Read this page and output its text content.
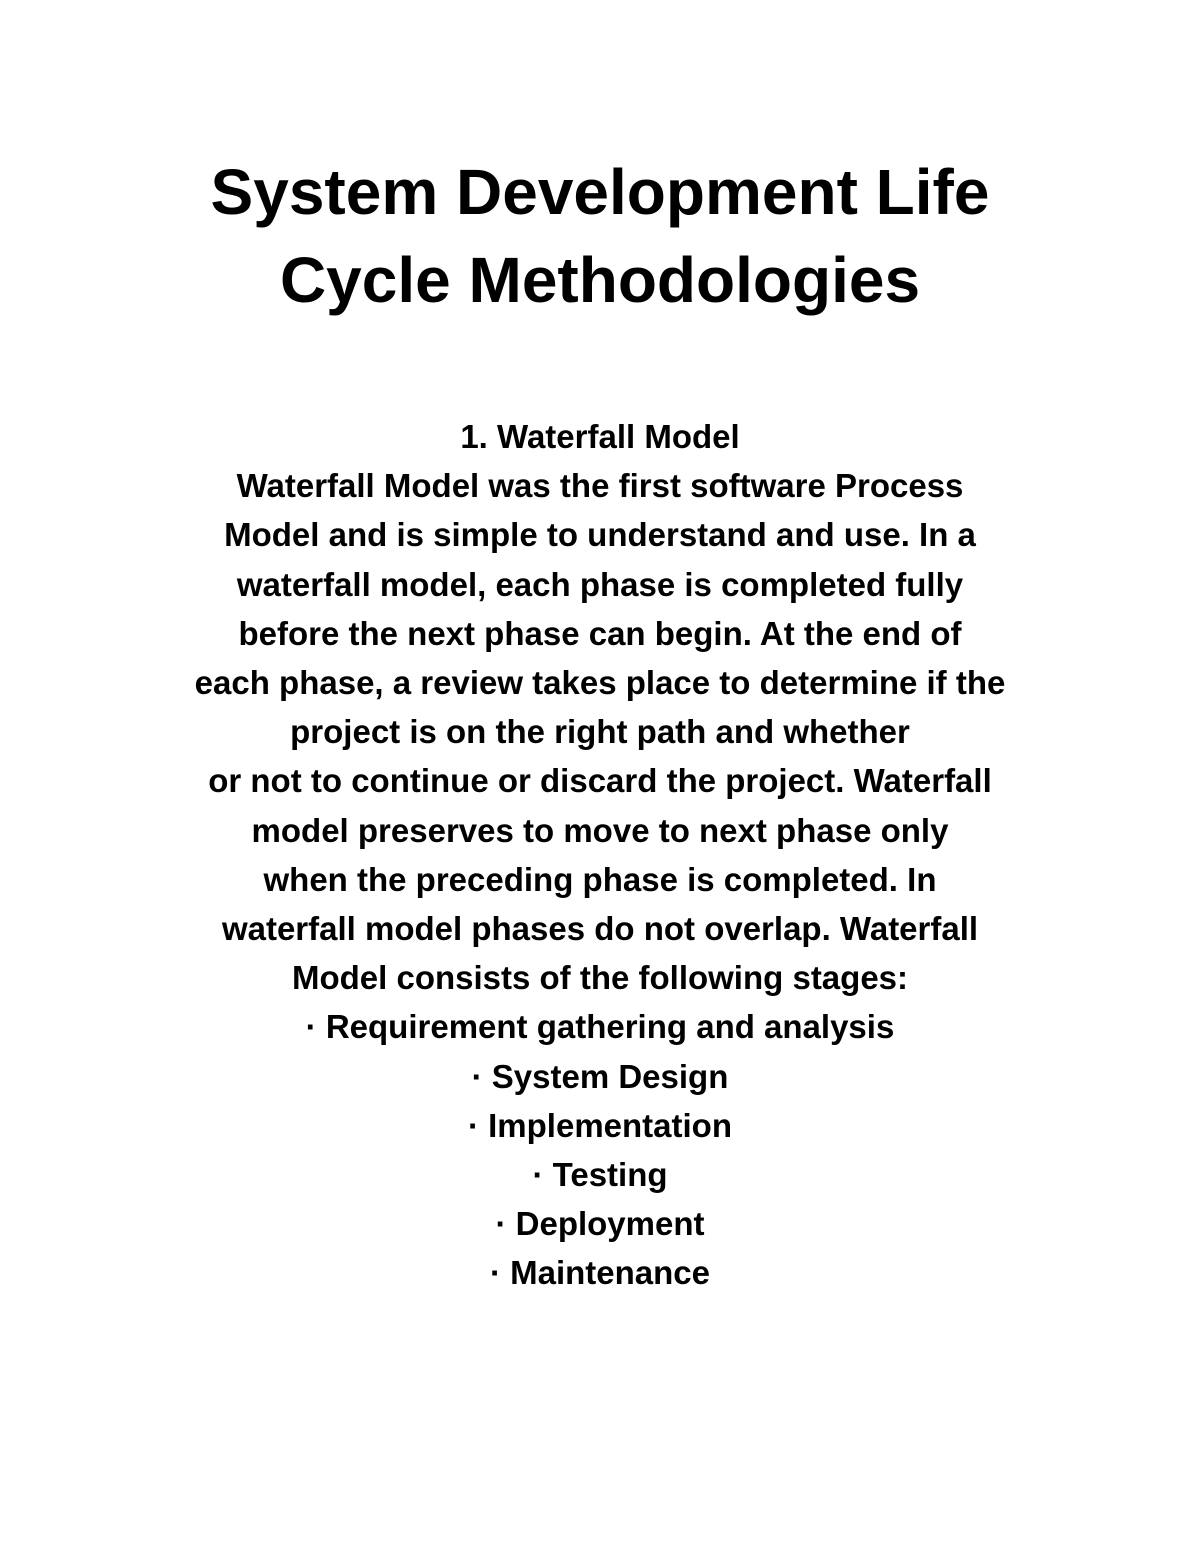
System Development Life
Cycle Methodologies
1. Waterfall Model
Waterfall Model was the first software Process
Model and is simple to understand and use. In a
waterfall model, each phase is completed fully
before the next phase can begin. At the end of
each phase, a review takes place to determine if the
project is on the right path and whether
or not to continue or discard the project. Waterfall
model preserves to move to next phase only
when the preceding phase is completed. In
waterfall model phases do not overlap. Waterfall
Model consists of the following stages:
· Requirement gathering and analysis
· System Design
· Implementation
· Testing
· Deployment
· Maintenance
